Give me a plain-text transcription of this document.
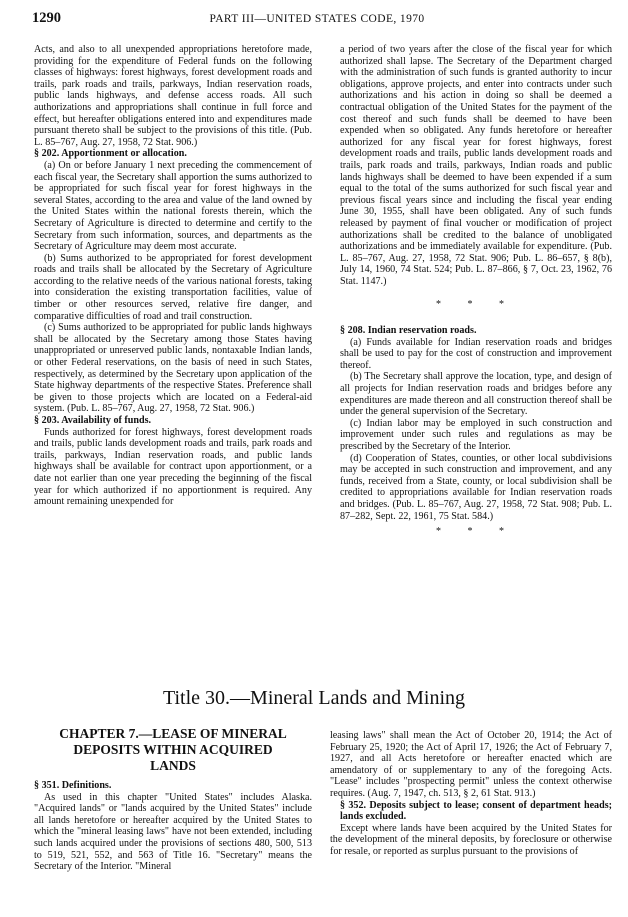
1290	PART III—UNITED STATES CODE, 1970

Acts, and also to all unexpended appropriations heretofore made, providing for the expenditure of Federal funds on the following classes of highways: forest highways, forest development roads and trails, park roads and trails, parkways, Indian reservation roads, public lands highways, and defense access roads. All such authorizations and appropriations shall continue in full force and effect, but hereafter obligations entered into and expenditures made pursuant thereto shall be subject to the provisions of this title. (Pub. L. 85–767, Aug. 27, 1958, 72 Stat. 906.)

§ 202. Apportionment or allocation.

(a) On or before January 1 next preceding the commencement of each fiscal year, the Secretary shall apportion the sums authorized to be appropriated for such fiscal year for forest highways in the several States, according to the area and value of the land owned by the United States within the national forests therein, which the Secretary of Agriculture is directed to determine and certify to the Secretary from such information, sources, and departments as the Secretary of Agriculture may deem most accurate.

(b) Sums authorized to be appropriated for forest development roads and trails shall be allocated by the Secretary of Agriculture according to the relative needs of the various national forests, taking into consideration the existing transportation facilities, value of timber or other resources served, relative fire danger, and comparative difficulties of road and trail construction.

(c) Sums authorized to be appropriated for public lands highways shall be allocated by the Secretary among those States having unappropriated or unreserved public lands, nontaxable Indian lands, or other Federal reservations, on the basis of need in such States, respectively, as determined by the Secretary upon application of the State highway departments of the respective States. Preference shall be given to those projects which are located on a Federal-aid system. (Pub. L. 85–767, Aug. 27, 1958, 72 Stat. 906.)

§ 203. Availability of funds.

Funds authorized for forest highways, forest development roads and trails, public lands development roads and trails, park roads and trails, parkways, Indian reservation roads, and public lands highways shall be available for contract upon apportionment, or a date not earlier than one year preceding the beginning of the fiscal year for which authorized if no apportionment is required. Any amount remaining unexpended for

a period of two years after the close of the fiscal year for which authorized shall lapse. The Secretary of the Department charged with the administration of such funds is granted authority to incur obligations, approve projects, and enter into contracts under such authorizations and his action in doing so shall be deemed a contractual obligation of the United States for the payment of the cost thereof and such funds shall be deemed to have been expended when so obligated. Any funds heretofore or hereafter authorized for any fiscal year for forest highways, forest development roads and trails, public lands development roads and trails, park roads and trails, parkways, Indian roads and public lands highways shall be deemed to have been expended if a sum equal to the total of the sums authorized for such fiscal year and previous fiscal years since and including the fiscal year ending June 30, 1955, shall have been obligated. Any of such funds released by payment of final voucher or modification of project authorizations shall be credited to the balance of unobligated authorizations and be immediately available for expenditure. (Pub. L. 85–767, Aug. 27, 1958, 72 Stat. 906; Pub. L. 86–657, § 8(b), July 14, 1960, 74 Stat. 524; Pub. L. 87–866, § 7, Oct. 23, 1962, 76 Stat. 1147.)

* * *

§ 208. Indian reservation roads.

(a) Funds available for Indian reservation roads and bridges shall be used to pay for the cost of construction and improvement thereof.

(b) The Secretary shall approve the location, type, and design of all projects for Indian reservation roads and bridges before any expenditures are made thereon and all construction thereof shall be under the general supervision of the Secretary.

(c) Indian labor may be employed in such construction and improvement under such rules and regulations as may be prescribed by the Secretary of the Interior.

(d) Cooperation of States, counties, or other local subdivisions may be accepted in such construction and improvement, and any funds, received from a State, county, or local subdivision shall be credited to appropriations available for Indian reservation roads and bridges. (Pub. L. 85–767, Aug. 27, 1958, 72 Stat. 908; Pub. L. 87–282, Sept. 22, 1961, 75 Stat. 584.)

* * *
Title 30.—Mineral Lands and Mining
CHAPTER 7.—LEASE OF MINERAL
DEPOSITS WITHIN ACQUIRED
LANDS

§ 351. Definitions.

As used in this chapter "United States" includes Alaska. "Acquired lands" or "lands acquired by the United States" include all lands heretofore or hereafter acquired by the United States to which the "mineral leasing laws" have not been extended, including such lands acquired under the provisions of sections 480, 500, 513 to 519, 521, 552, and 563 of Title 16. "Secretary" means the Secretary of the Interior. "Mineral

leasing laws" shall mean the Act of October 20, 1914; the Act of February 25, 1920; the Act of April 17, 1926; the Act of February 7, 1927, and all Acts heretofore or hereafter enacted which are amendatory of or supplementary to any of the foregoing Acts. "Lease" includes "prospecting permit" unless the context otherwise requires. (Aug. 7, 1947, ch. 513, § 2, 61 Stat. 913.)

§ 352. Deposits subject to lease; consent of department heads; lands excluded.

Except where lands have been acquired by the United States for the development of the mineral deposits, by foreclosure or otherwise for resale, or reported as surplus pursuant to the provisions of
